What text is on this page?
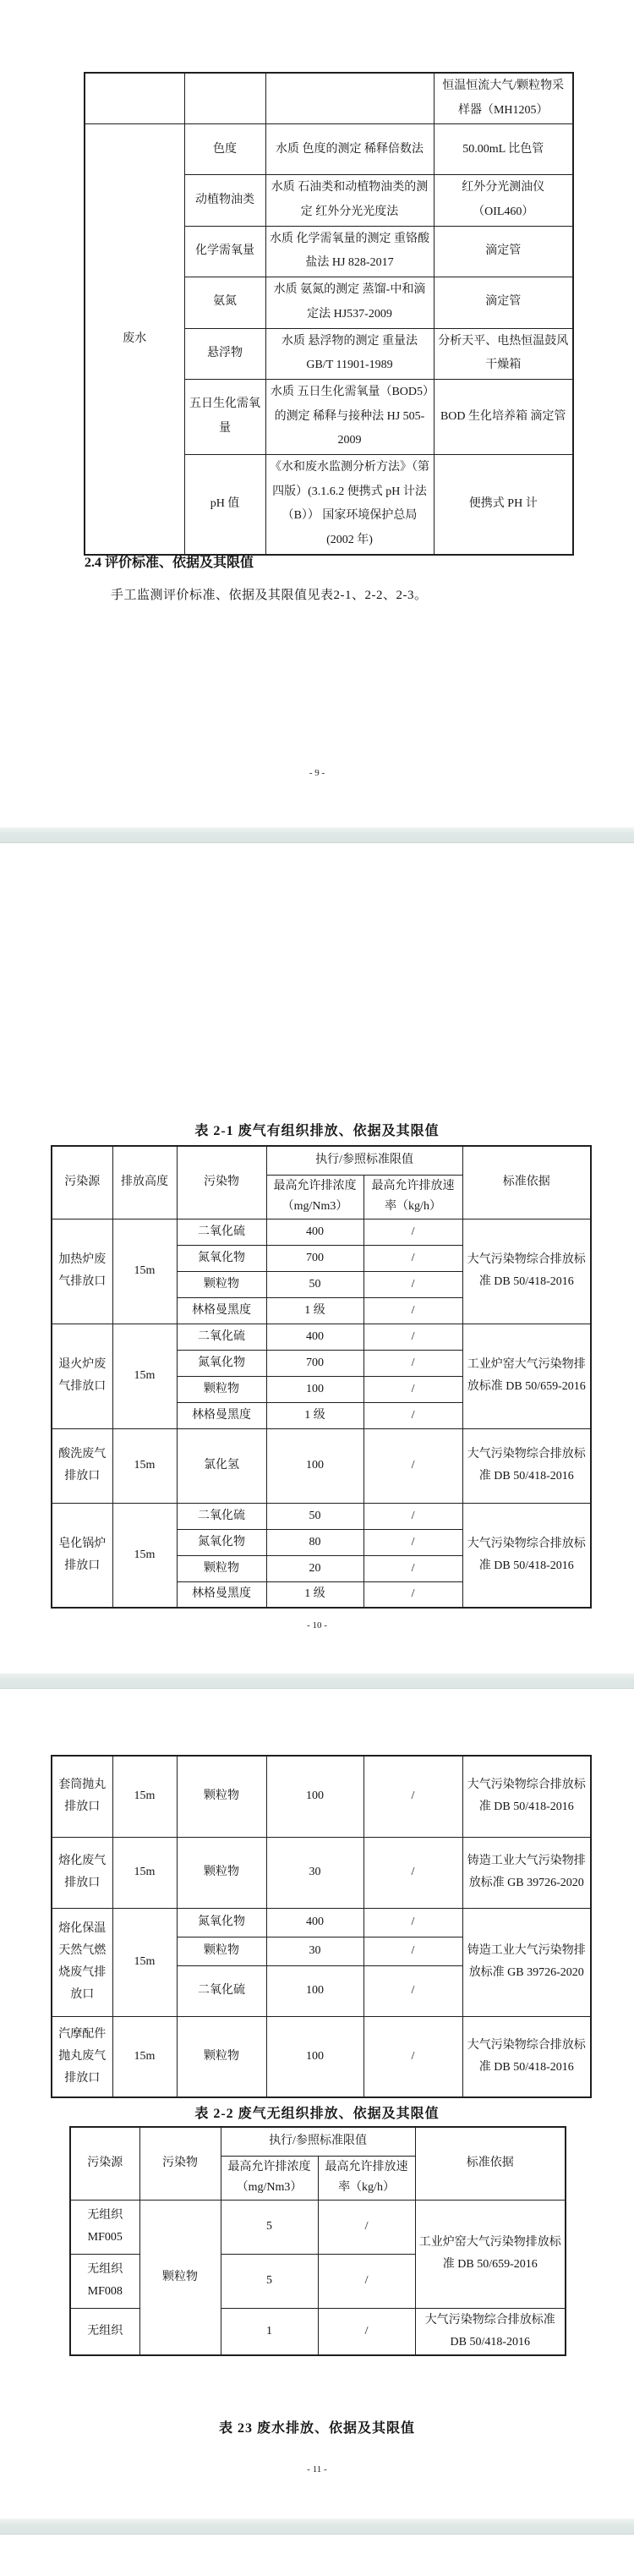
			恒温恒流大气/颗粒物采样器（MH1205）
废水	色度	水质 色度的测定 稀释倍数法	50.00mL 比色管
	动植物油类	水质 石油类和动植物油类的测定 红外分光光度法	红外分光测油仪（OIL460）
	化学需氧量	水质 化学需氧量的测定 重铬酸盐法 HJ 828-2017	滴定管
	氨氮	水质 氨氮的测定 蒸馏-中和滴定法 HJ537-2009	滴定管
	悬浮物	水质 悬浮物的测定 重量法 GB/T 11901-1989	分析天平、电热恒温鼓风干燥箱
	五日生化需氧量	水质 五日生化需氧量（BOD5）的测定 稀释与接种法 HJ 505-2009	BOD 生化培养箱 滴定管
	pH 值	《水和废水监测分析方法》（第四版）(3.1.6.2 便携式 pH 计法（B）） 国家环境保护总局(2002 年)	便携式 PH 计
2.4 评价标准、依据及其限值
手工监测评价标准、依据及其限值见表2-1、2-2、2-3。
- 9 -
表 2-1 废气有组织排放、依据及其限值
污染源	排放高度	污染物	执行/参照标准限值		标准依据
			最高允许排浓度（mg/Nm3）	最高允许排放速率（kg/h）	
加热炉废气排放口	15m	二氧化硫	400	/	大气污染物综合排放标准 DB 50/418-2016
		氮氧化物	700	/	
		颗粒物	50	/	
		林格曼黑度	1 级	/	
退火炉废气排放口	15m	二氧化硫	400	/	工业炉窑大气污染物排放标准 DB 50/659-2016
		氮氧化物	700	/	
		颗粒物	100	/	
		林格曼黑度	1 级	/	
酸洗废气排放口	15m	氯化氢	100	/	大气污染物综合排放标准 DB 50/418-2016
皂化锅炉排放口	15m	二氧化硫	50	/	大气污染物综合排放标准 DB 50/418-2016
		氮氧化物	80	/	
		颗粒物	20	/	
		林格曼黑度	1 级	/	
- 10 -
套筒抛丸排放口	15m	颗粒物	100	/	大气污染物综合排放标准 DB 50/418-2016
熔化废气排放口	15m	颗粒物	30	/	铸造工业大气污染物排放标准 GB 39726-2020
熔化保温天然气燃烧废气排放口	15m	氮氧化物	400	/	铸造工业大气污染物排放标准 GB 39726-2020
		颗粒物	30	/	
		二氧化硫	100	/	
汽摩配件抛丸废气排放口	15m	颗粒物	100	/	大气污染物综合排放标准 DB 50/418-2016
表 2-2 废气无组织排放、依据及其限值
污染源	污染物	执行/参照标准限值		标准依据
		最高允许排浓度（mg/Nm3）	最高允许排放速率（kg/h）	
无组织 MF005	颗粒物	5	/	工业炉窑大气污染物排放标准 DB 50/659-2016
无组织 MF008		5	/	
无组织		1	/	大气污染物综合排放标准 DB 50/418-2016
表 23 废水排放、依据及其限值
- 11 -
